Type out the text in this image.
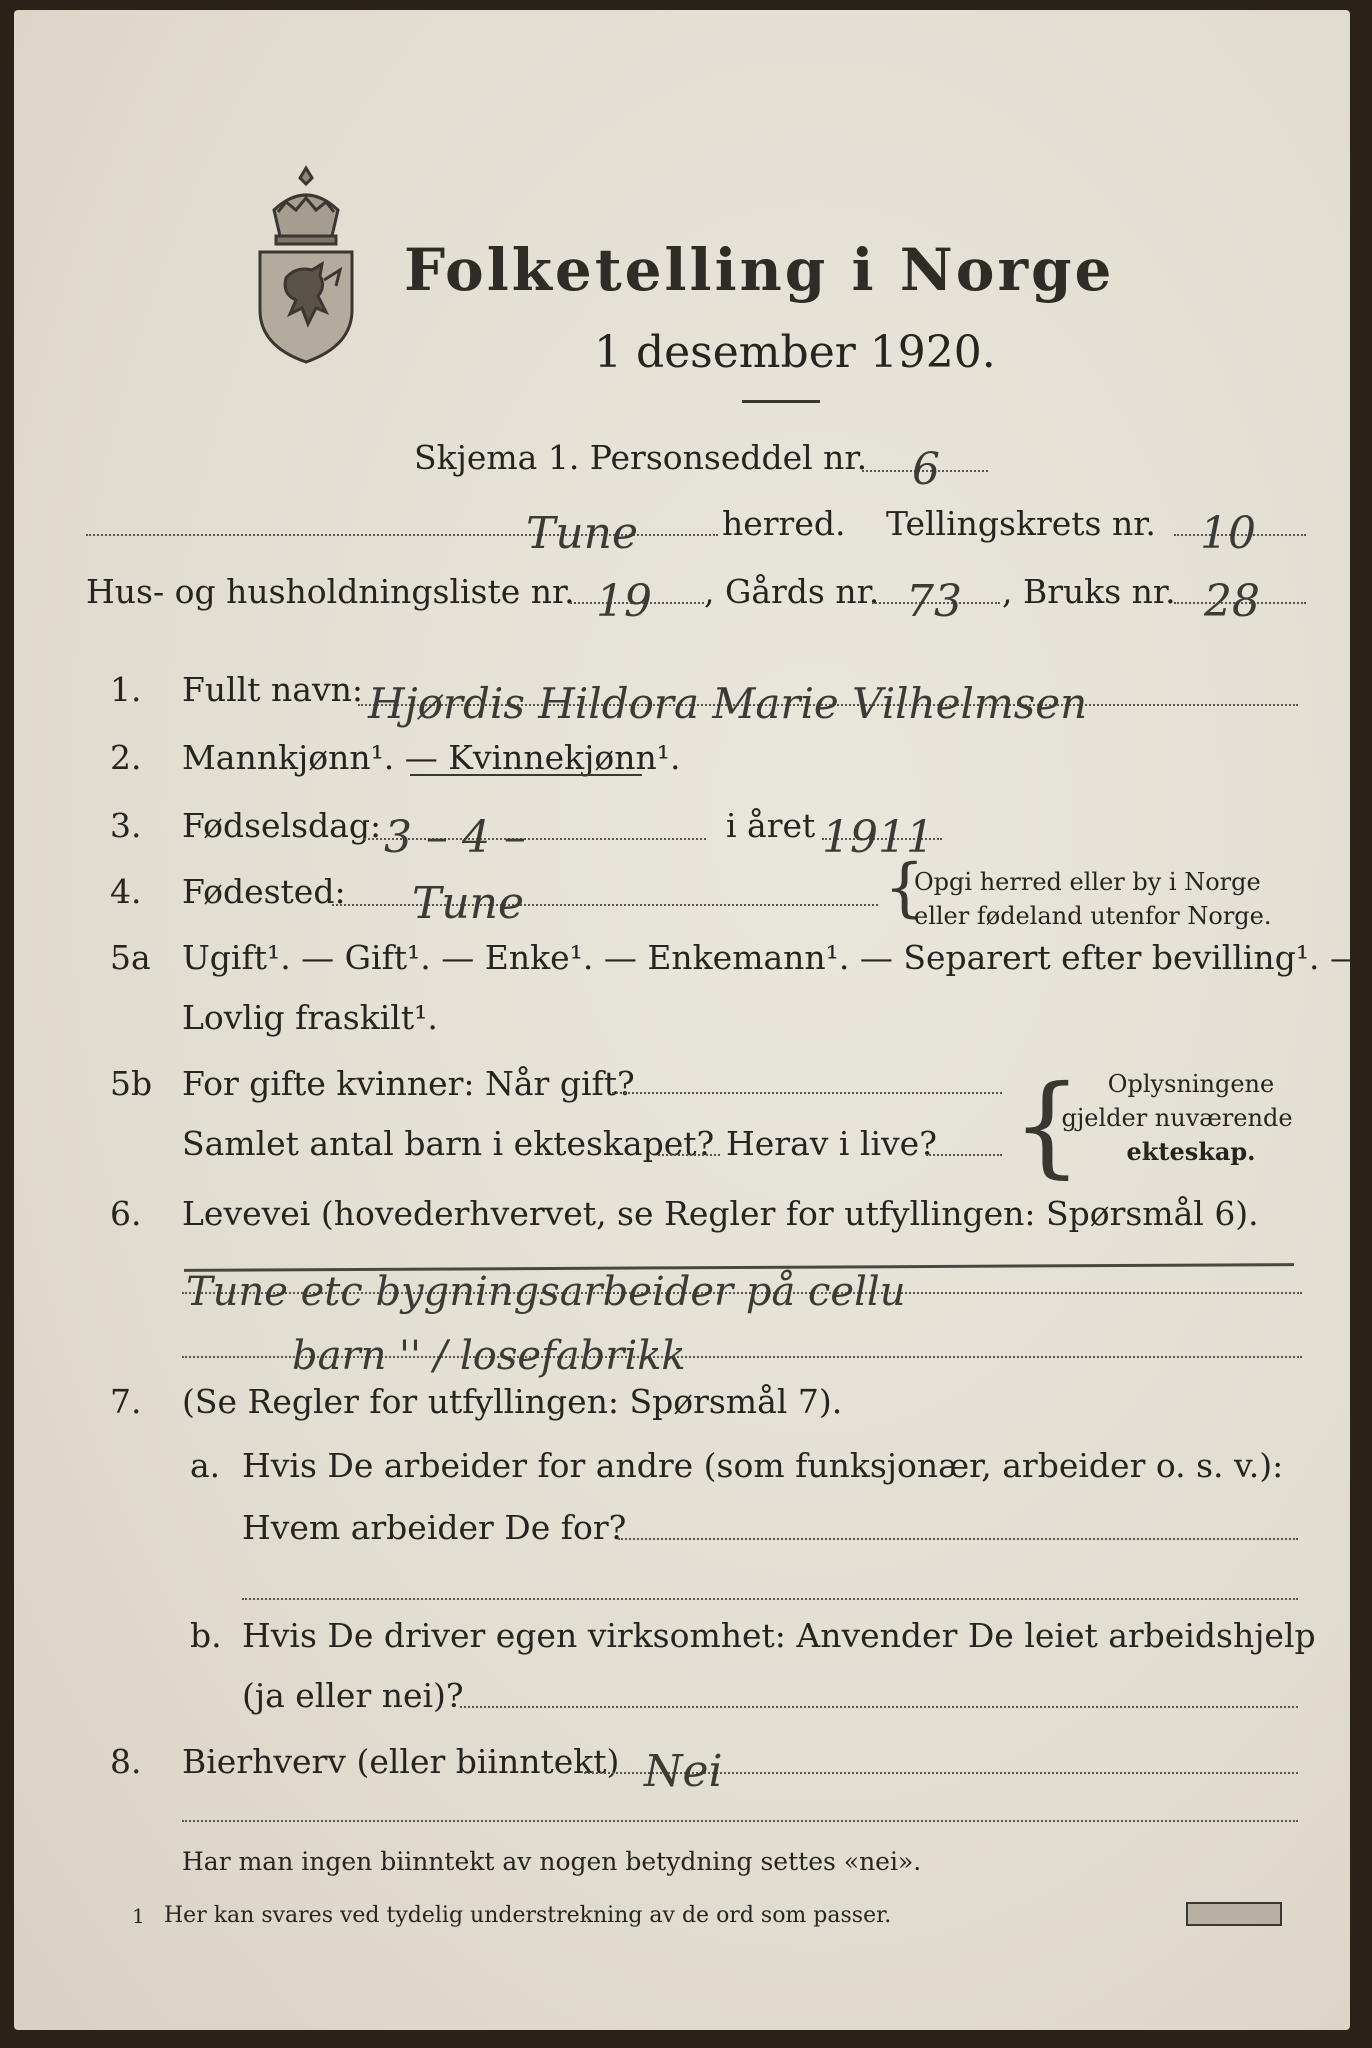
Folketelling i Norge
1 desember 1920.
Skjema 1. Personseddel nr. 6
Tune	herred. Tellingskrets nr. 10
Hus- og husholdningsliste nr. 19 , Gårds nr. 73 , Bruks nr. 28
1. Fullt navn: Hjørdis Hildora Marie Vilhelmsen
2. Mannkjønn¹. — Kvinnekjønn¹.
3. Fødselsdag: 3 – 4 –	i året 1911
4. Fødested: Tune	{
Opgi herred eller by i Norge
eller fødeland utenfor Norge.
5a Ugift¹. — Gift¹. — Enke¹. — Enkemann¹. — Separert efter bevilling¹. —
Lovlig fraskilt¹.
5b For gifte kvinner: Når gift?
Samlet antal barn i ekteskapet? Herav i live? {	Oplysningene
gjelder nuværende
ekteskap.
6. Levevei (hovederhvervet, se Regler for utfyllingen: Spørsmål 6).
Tune etc bygningsarbeider på cellu
barn '' / losefabrikk
7. (Se Regler for utfyllingen: Spørsmål 7).
a. Hvis De arbeider for andre (som funksjonær, arbeider o. s. v.):
Hvem arbeider De for?
b. Hvis De driver egen virksomhet: Anvender De leiet arbeidshjelp
(ja eller nei)?
8. Bierhverv (eller biinntekt) Nei
Har man ingen biinntekt av nogen betydning settes «nei».
1 Her kan svares ved tydelig understrekning av de ord som passer.
